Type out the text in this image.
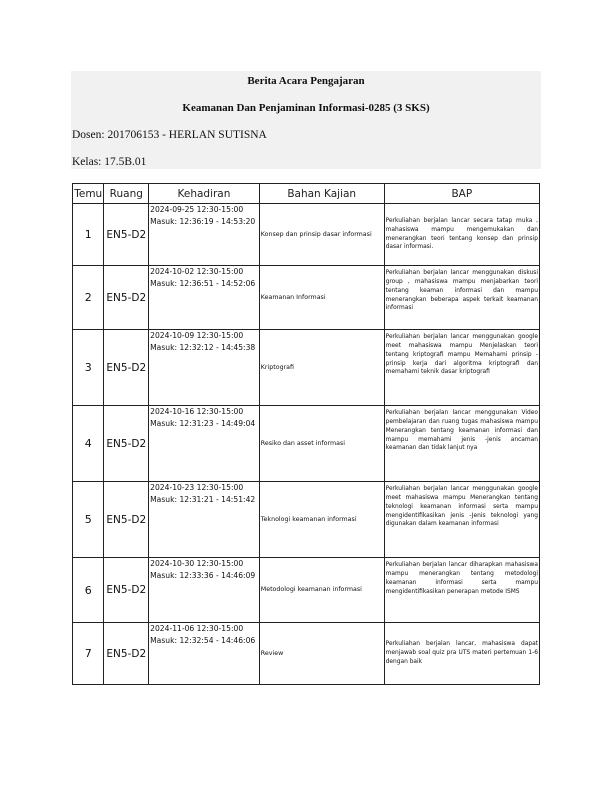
Berita Acara Pengajaran
Keamanan Dan Penjaminan Informasi-0285 (3 SKS)
Dosen: 201706153 - HERLAN SUTISNA
Kelas: 17.5B.01
Temu	Ruang	Kehadiran	Bahan Kajian	BAP
1	EN5-D2	2024-09-25 12:30-15:00
Masuk: 12:36:19 - 14:53:20	Konsep dan prinsip dasar informasi	Perkuliahan berjalan lancar secara tatap muka , mahasiswa mampu mengemukakan dan menerangkan teori tentang konsep dan prinsip dasar informasi.
2	EN5-D2	2024-10-02 12:30-15:00
Masuk: 12:36:51 - 14:52:06	Keamanan Informasi	Perkuliahan berjalan lancar menggunakan diskusi group , mahasiswa mampu menjabarkan teori tentang keaman informasi dan mampu menerangkan beberapa aspek terkait keamanan informasi
3	EN5-D2	2024-10-09 12:30-15:00
Masuk: 12:32:12 - 14:45:38	Kriptografi	Perkuliahan berjalan lancar menggunakan google meet mahasiswa mampu Menjelaskan teori tentang kriptografi mampu Memahami prinsip -prinsip kerja dari algoritma kriptografi dan memahami teknik dasar kriptografi
4	EN5-D2	2024-10-16 12:30-15:00
Masuk: 12:31:23 - 14:49:04	Resiko dan asset informasi	Perkuliahan berjalan lancar menggunakan Video pembelajaran dan ruang tugas mahasiswa mampu Menerangkan tentang keamanan informasi dan mampu memahami jenis -jenis ancaman keamanan dan tidak lanjut nya
5	EN5-D2	2024-10-23 12:30-15:00
Masuk: 12:31:21 - 14:51:42	Teknologi keamanan informasi	Perkuliahan berjalan lancar menggunakan google meet mahasiswa mampu Menerangkan tentang teknologi keamanan informasi serta mampu mengidentifikasikan jenis -Jenis teknologi yang digunakan dalam keamanan informasi
6	EN5-D2	2024-10-30 12:30-15:00
Masuk: 12:33:36 - 14:46:09	Metodologi keamanan informasi	Perkuliahan berjalan lancar diharapkan mahasiswa mampu menerangkan tentang metodologi keamanan informasi serta mampu mengidentifikasikan penerapan metode ISMS
7	EN5-D2	2024-11-06 12:30-15:00
Masuk: 12:32:54 - 14:46:06	Review	Perkuliahan berjalan lancar, mahasiswa dapat menjawab soal quiz pra UTS materi pertemuan 1-6 dengan baik
